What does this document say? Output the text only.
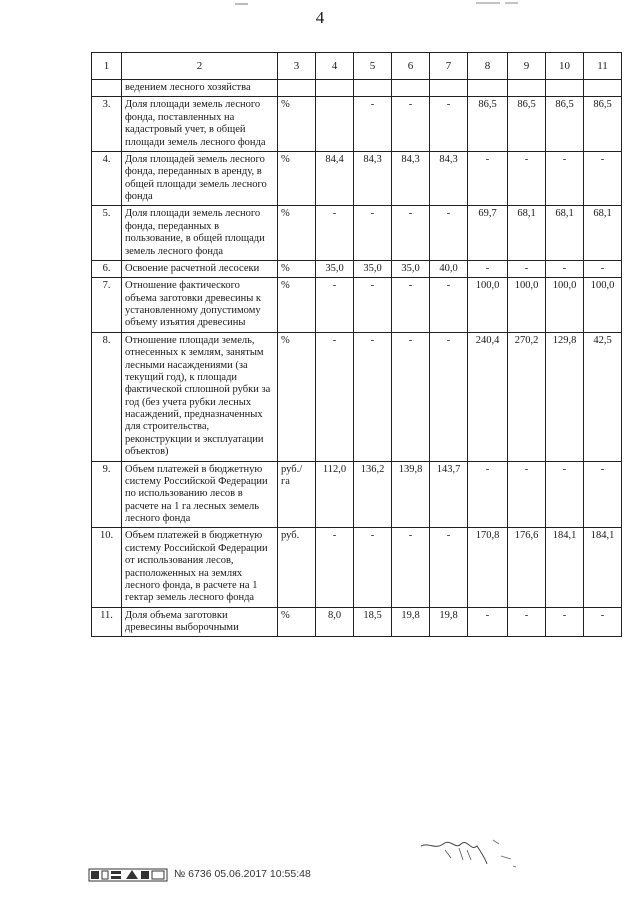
4
1	2	3	4	5	6	7	8	9	10	11
	ведением лесного хозяйства									
3.	Доля площади земель лесного фонда, поставленных на кадастровый учет, в общей площади земель лесного фонда	%		-	-	-	86,5	86,5	86,5	86,5
4.	Доля площадей земель лесного фонда, переданных в аренду, в общей площади земель лесного фонда	%	84,4	84,3	84,3	84,3	-	-	-	-
5.	Доля площади земель лесного фонда, переданных в пользование, в общей площади земель лесного фонда	%	-	-	-	-	69,7	68,1	68,1	68,1
6.	Освоение расчетной лесосеки	%	35,0	35,0	35,0	40,0	-	-	-	-
7.	Отношение фактического объема заготовки древесины к установленному допустимому объему изъятия древесины	%	-	-	-	-	100,0	100,0	100,0	100,0
8.	Отношение площади земель, отнесенных к землям, занятым лесными насаждениями (за текущий год), к площади фактической сплошной рубки за год (без учета рубки лесных насаждений, предназначенных для строительства, реконструкции и эксплуатации объектов)	%	-	-	-	-	240,4	270,2	129,8	42,5
9.	Объем платежей в бюджетную систему Российской Федерации по использованию лесов в расчете на 1 га лесных земель лесного фонда	руб./ га	112,0	136,2	139,8	143,7	-	-	-	-
10.	Объем платежей в бюджетную систему Российской Федерации от использования лесов, расположенных на землях лесного фонда, в расчете на 1 гектар земель лесного фонда	руб.	-	-	-	-	170,8	176,6	184,1	184,1
11.	Доля объема заготовки древесины выборочными	%	8,0	18,5	19,8	19,8	-	-	-	-
№ 6736 05.06.2017 10:55:48
